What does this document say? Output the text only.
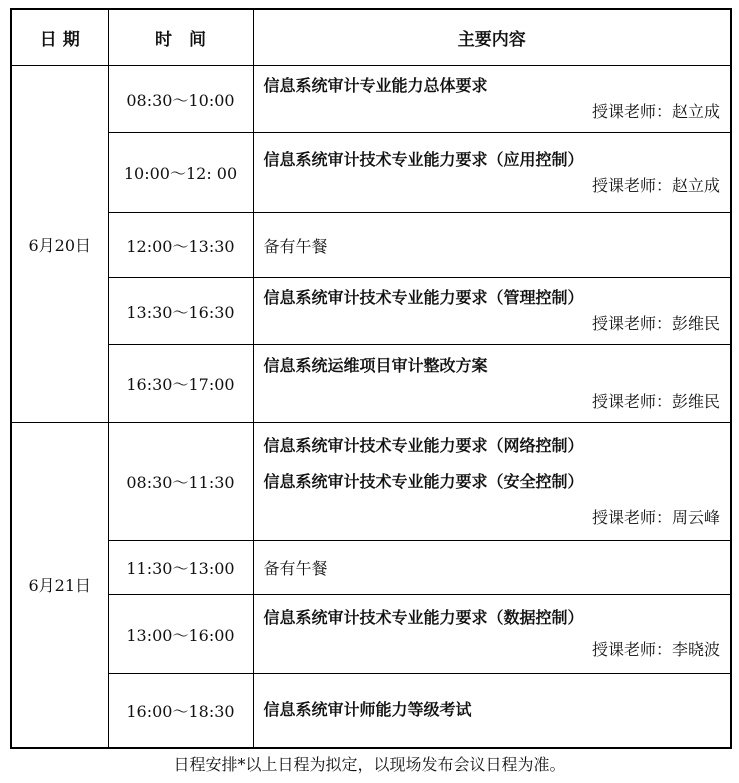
日 期	时　间	主要内容
6月20日	08:30～10:00	信息系统审计专业能力总体要求
授课老师：赵立成

	10:00～12: 00	信息系统审计技术专业能力要求（应用控制）
授课老师：赵立成

	12:00～13:30	备有午餐

	13:30～16:30	信息系统审计技术专业能力要求（管理控制）
授课老师：彭维民

	16:30～17:00	信息系统运维项目审计整改方案
授课老师：彭维民

6月21日	08:30～11:30	信息系统审计技术专业能力要求（网络控制）
信息系统审计技术专业能力要求（安全控制）
授课老师：周云峰

	11:30～13:00	备有午餐

	13:00～16:00	信息系统审计技术专业能力要求（数据控制）
授课老师：李晓波

	16:00～18:30	信息系统审计师能力等级考试
日程安排*以上日程为拟定，以现场发布会议日程为准。
